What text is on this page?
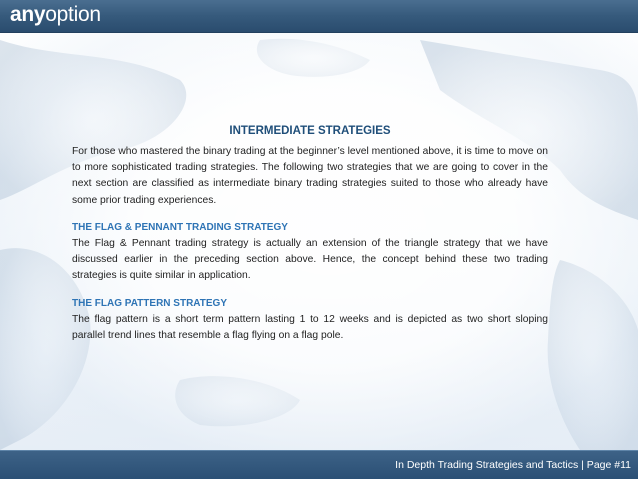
anyoption
INTERMEDIATE STRATEGIES

For those who mastered the binary trading at the beginner’s level mentioned above, it is time to move on to more sophisticated trading strategies. The following two strategies that we are going to cover in the next section are classified as intermediate binary trading strategies suited to those who already have some prior trading experiences.

THE FLAG & PENNANT TRADING STRATEGY

The Flag & Pennant trading strategy is actually an extension of the triangle strategy that we have discussed earlier in the preceding section above. Hence, the concept behind these two trading strategies is quite similar in application.

THE FLAG PATTERN STRATEGY

The flag pattern is a short term pattern lasting 1 to 12 weeks and is depicted as two short sloping parallel trend lines that resemble a flag flying on a flag pole.

In Depth Trading Strategies and Tactics | Page #11
